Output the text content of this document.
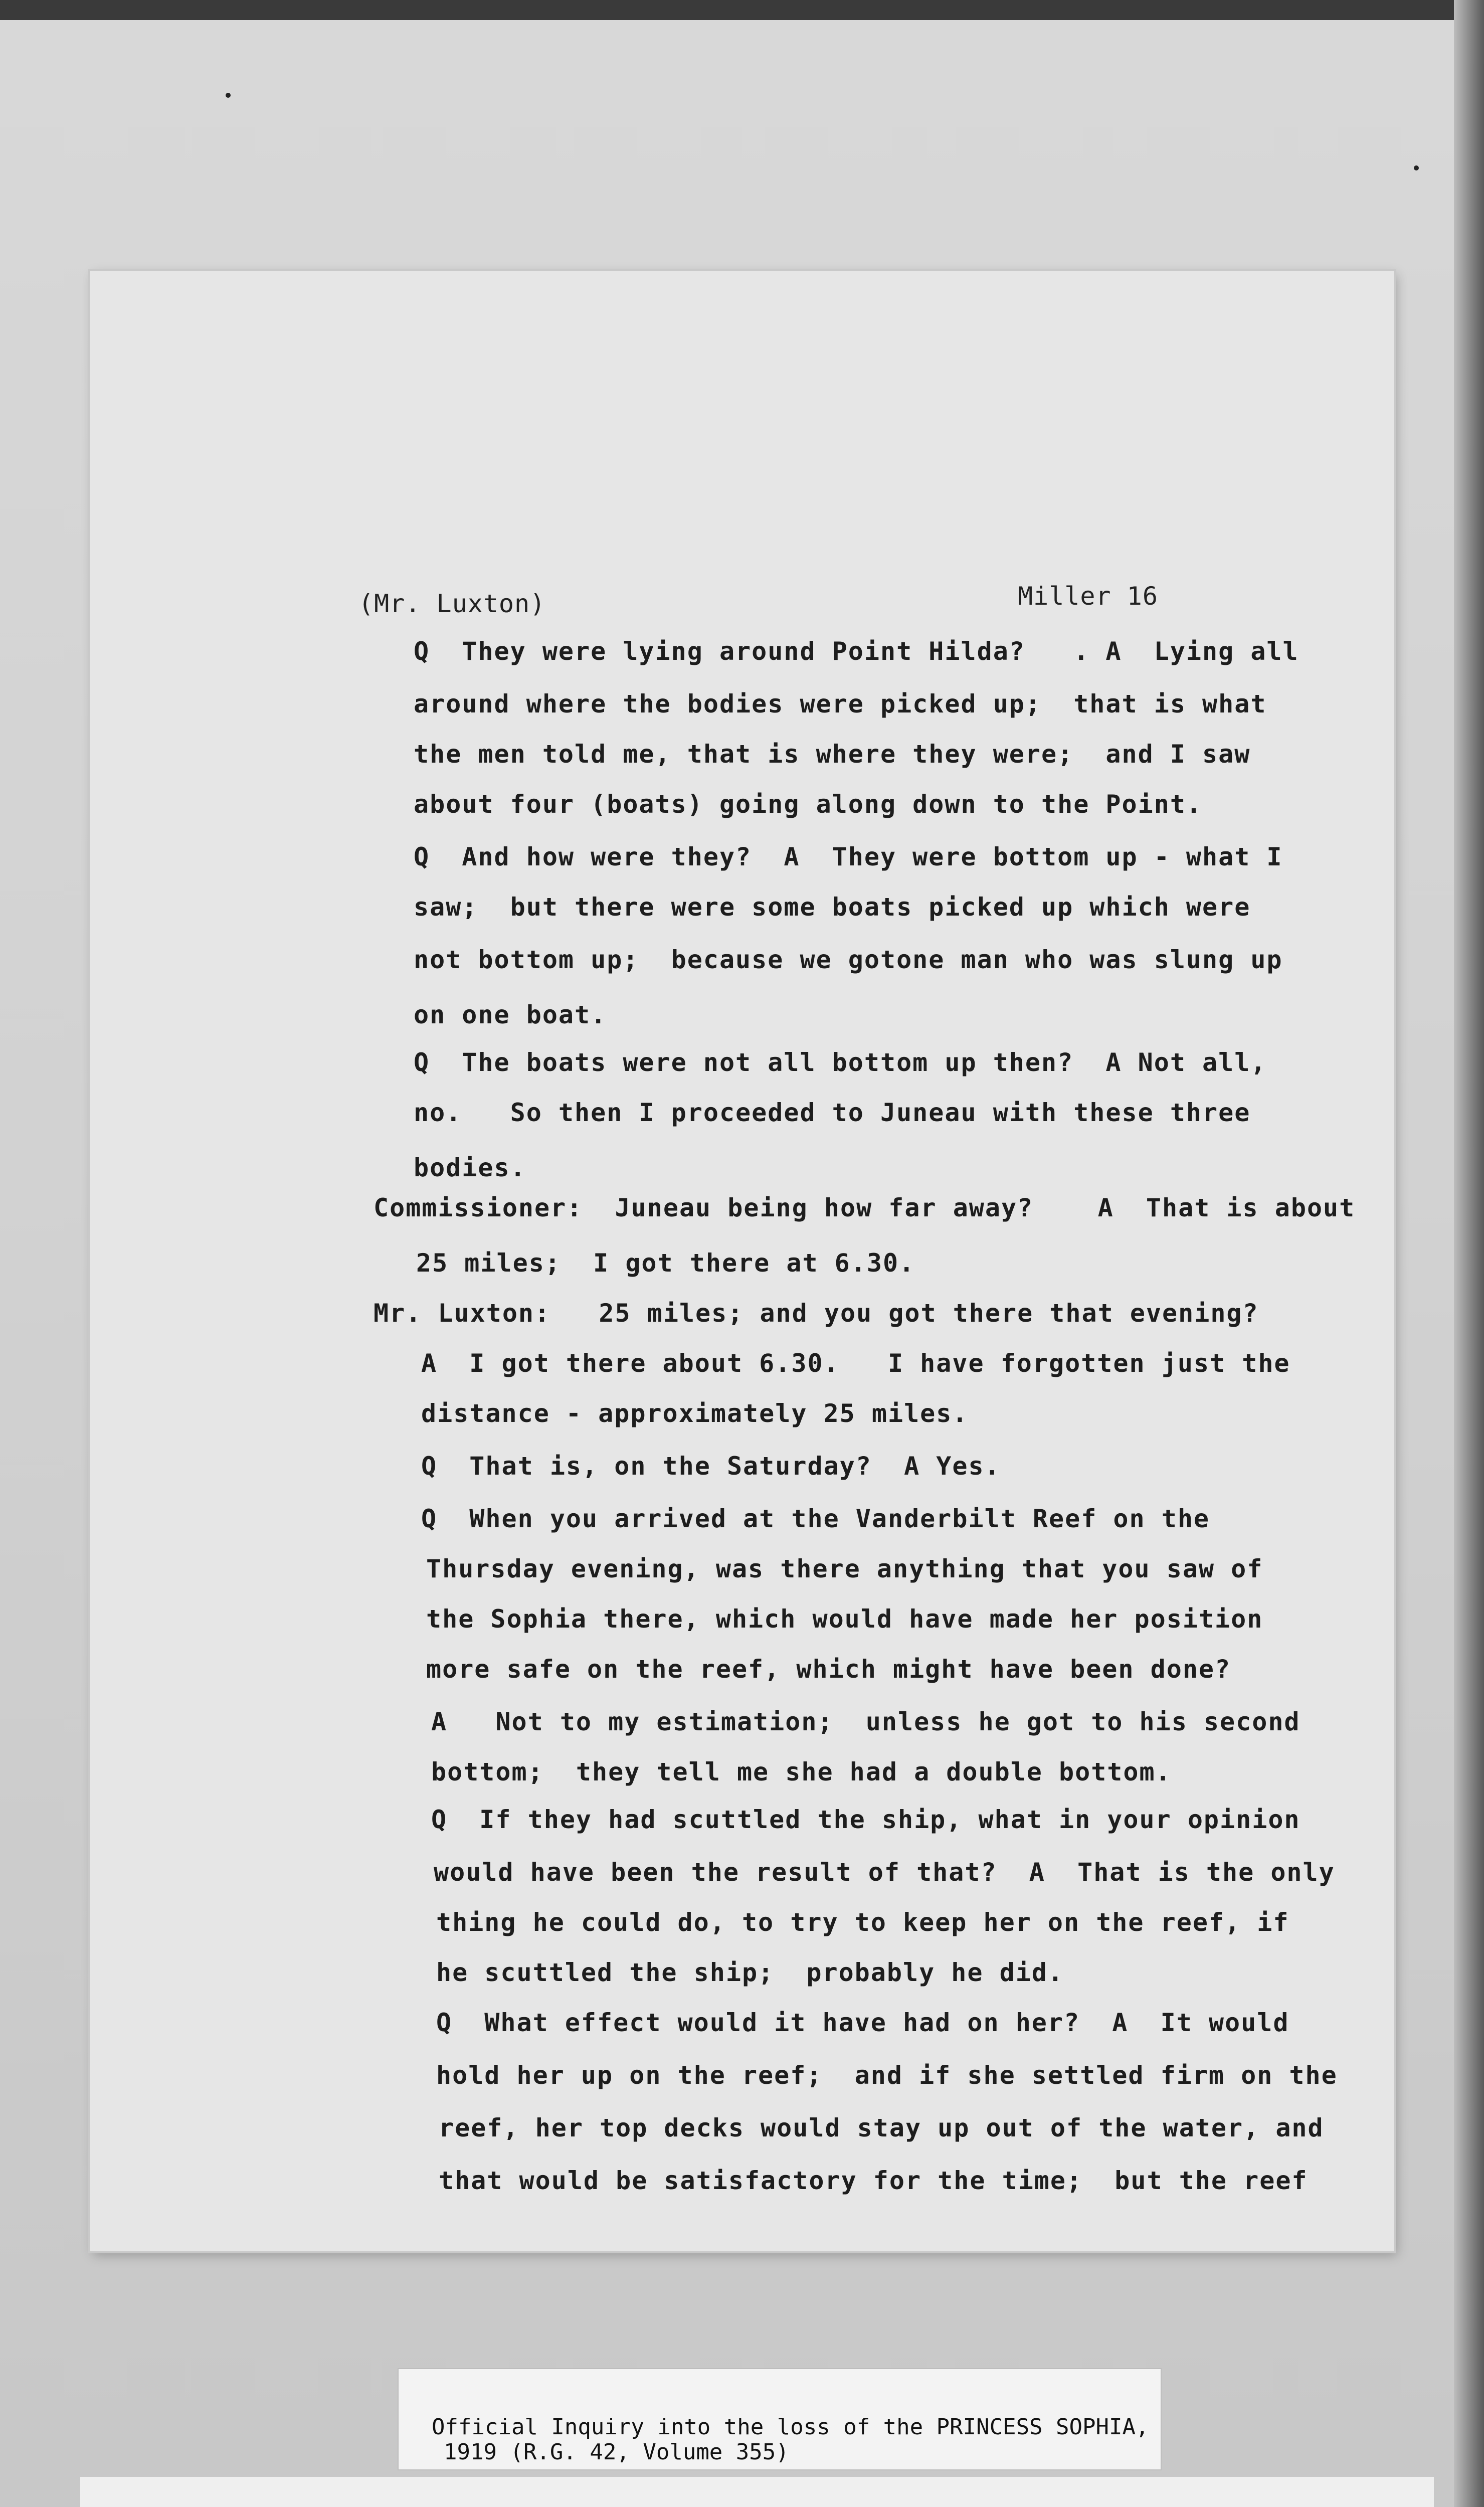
(Mr. Luxton)	Miller 16
Q  They were lying around Point Hilda?   . A  Lying all
around where the bodies were picked up;  that is what
the men told me, that is where they were;  and I saw
about four (boats) going along down to the Point.
Q  And how were they?  A  They were bottom up - what I
saw;  but there were some boats picked up which were
not bottom up;  because we gotone man who was slung up
on one boat.
Q  The boats were not all bottom up then?  A Not all,
no.   So then I proceeded to Juneau with these three
bodies.
Commissioner:  Juneau being how far away?    A  That is about
25 miles;  I got there at 6.30.
Mr. Luxton:   25 miles; and you got there that evening?
A  I got there about 6.30.   I have forgotten just the
distance - approximately 25 miles.
Q  That is, on the Saturday?  A Yes.
Q  When you arrived at the Vanderbilt Reef on the
Thursday evening, was there anything that you saw of
the Sophia there, which would have made her position
more safe on the reef, which might have been done?
A   Not to my estimation;  unless he got to his second
bottom;  they tell me she had a double bottom.
Q  If they had scuttled the ship, what in your opinion
would have been the result of that?  A  That is the only
thing he could do, to try to keep her on the reef, if
he scuttled the ship;  probably he did.
Q  What effect would it have had on her?  A  It would
hold her up on the reef;  and if she settled firm on the
reef, her top decks would stay up out of the water, and
that would be satisfactory for the time;  but the reef
Official Inquiry into the loss of the PRINCESS SOPHIA,
1919 (R.G. 42, Volume 355)
